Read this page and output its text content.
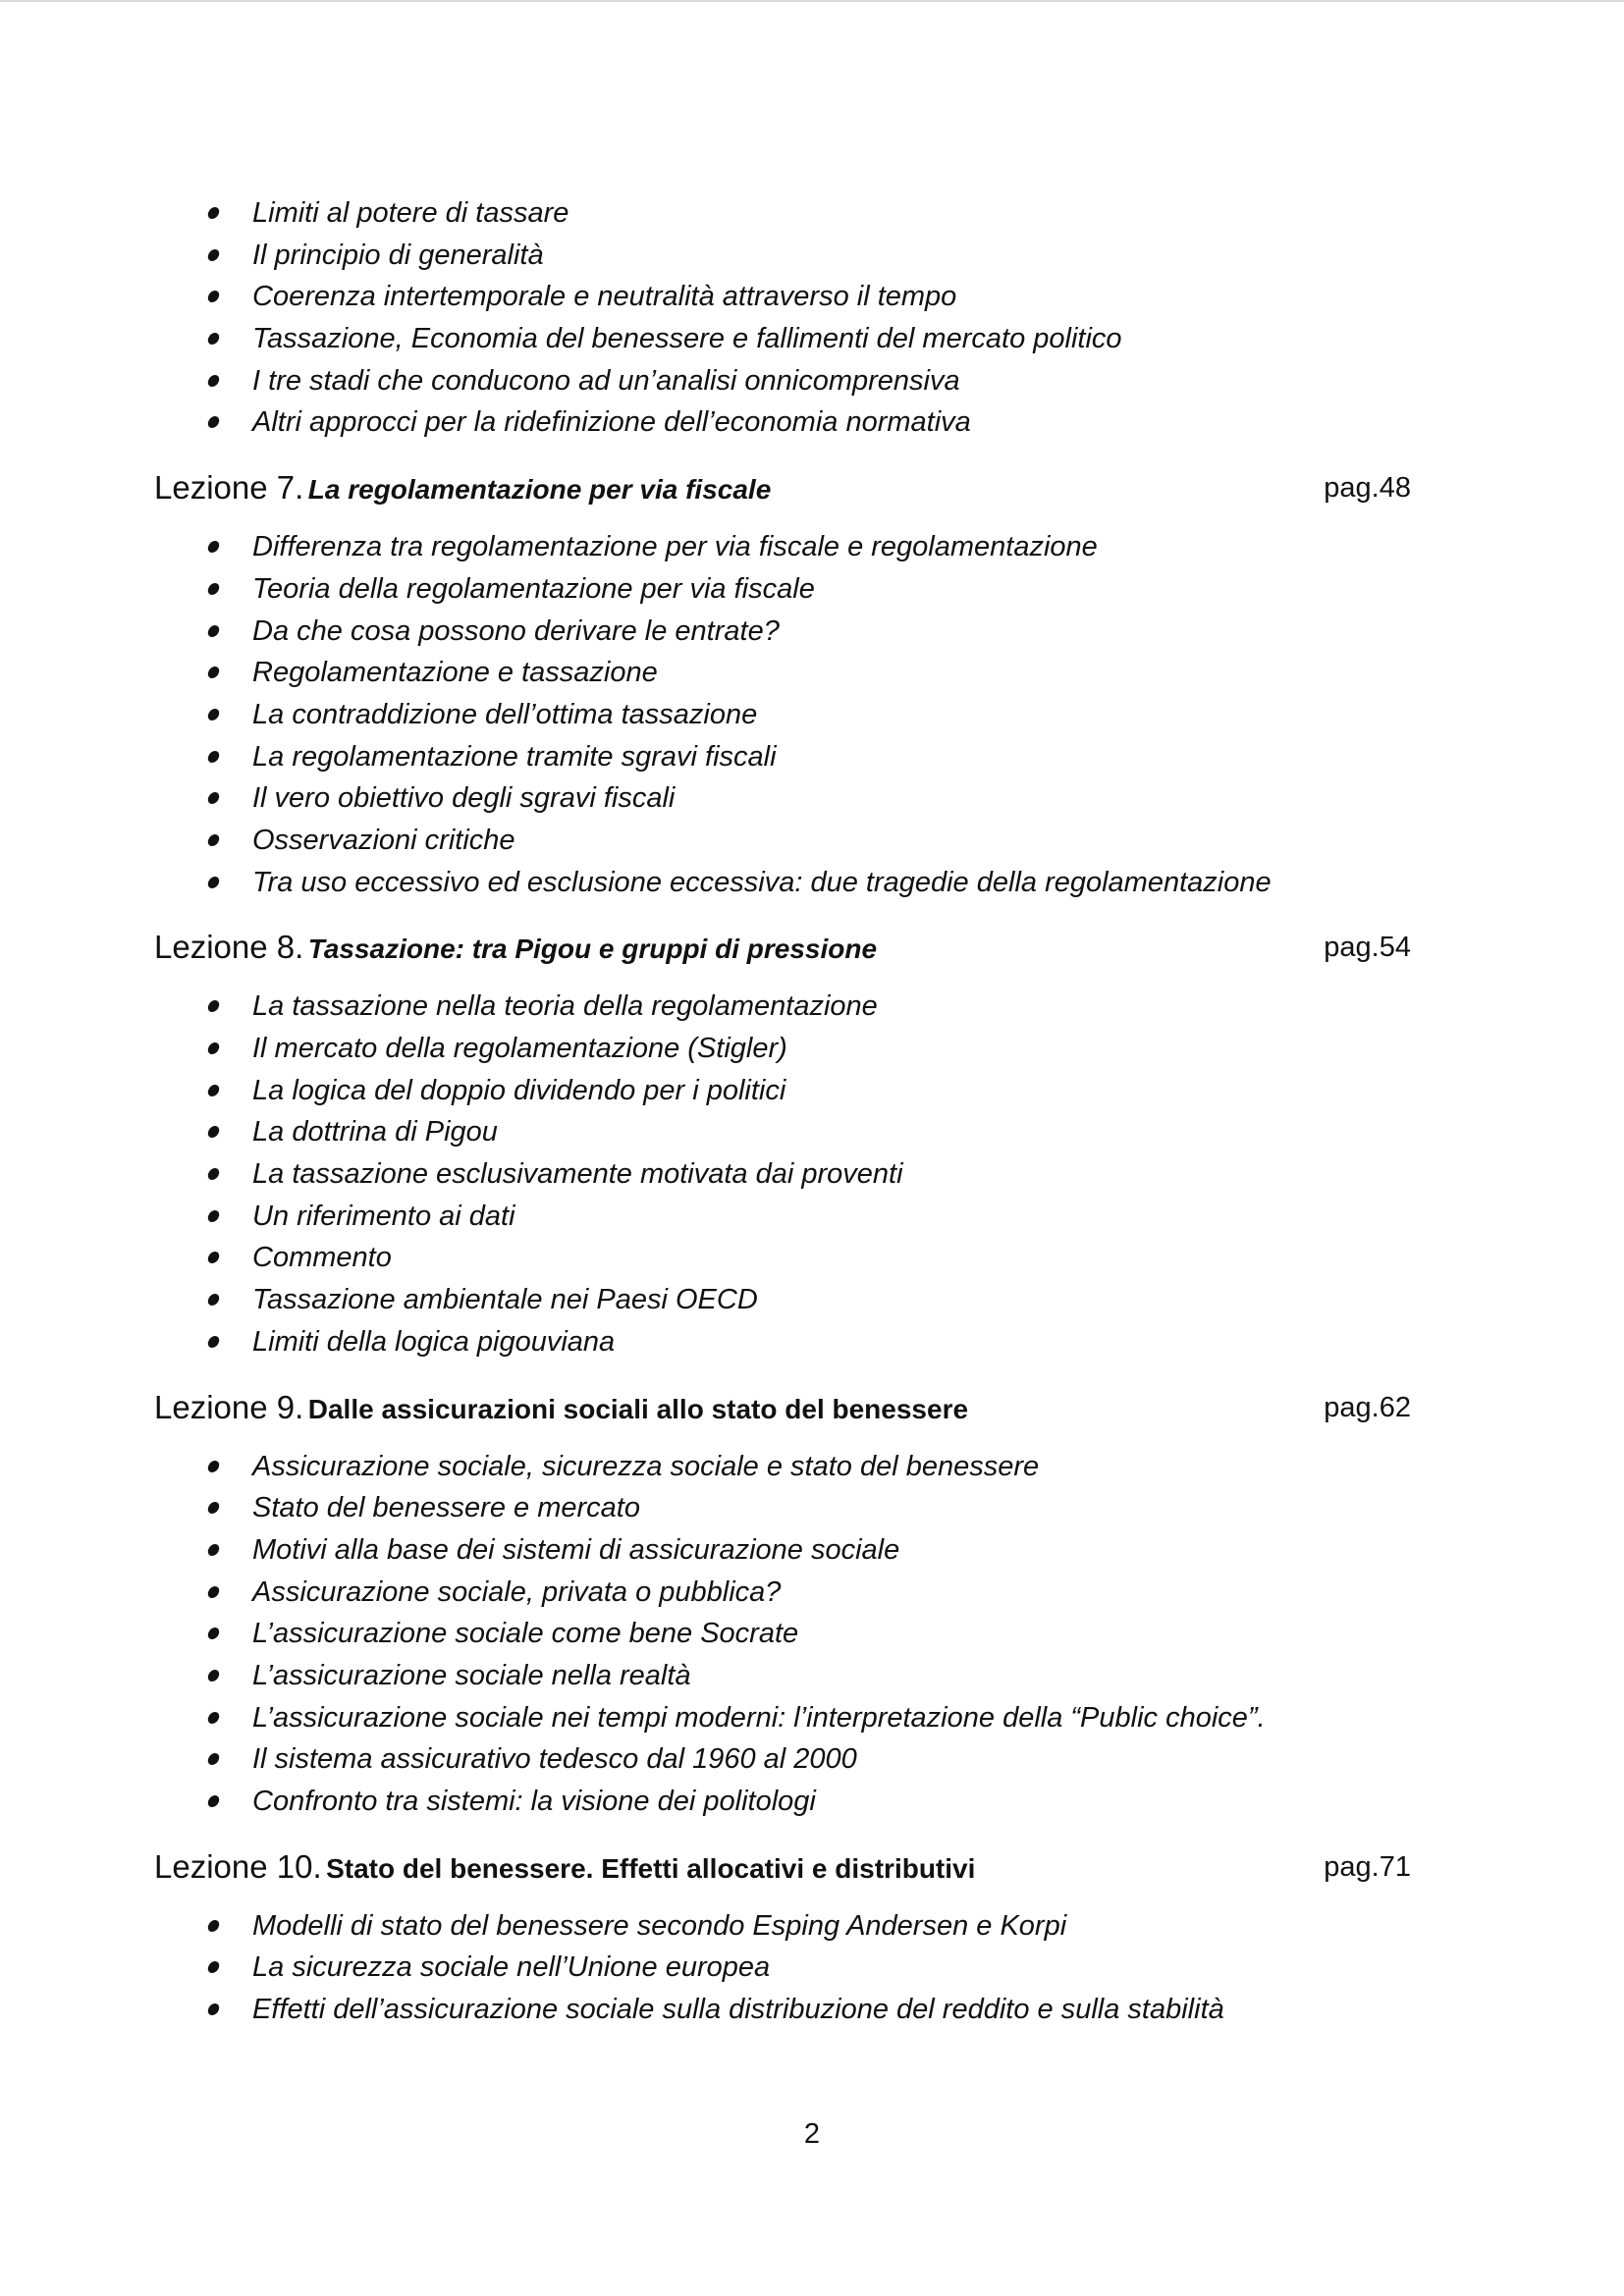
Limiti al potere di tassare
Il principio di generalità
Coerenza intertemporale e neutralità attraverso il tempo
Tassazione, Economia del benessere e fallimenti del mercato politico
I tre stadi che conducono ad un’analisi onnicomprensiva
Altri approcci per la ridefinizione dell’economia normativa
Lezione 7. La regolamentazione per via fiscale	pag.48
Differenza tra regolamentazione per via fiscale e regolamentazione
Teoria della regolamentazione per via fiscale
Da che cosa possono derivare le entrate?
Regolamentazione e tassazione
La contraddizione dell’ottima tassazione
La regolamentazione tramite sgravi fiscali
Il vero obiettivo degli sgravi fiscali
Osservazioni critiche
Tra uso eccessivo ed esclusione eccessiva: due tragedie della regolamentazione
Lezione 8. Tassazione: tra Pigou e gruppi di pressione	pag.54
La tassazione nella teoria della regolamentazione
Il mercato della regolamentazione (Stigler)
La logica del doppio dividendo per i politici
La dottrina di Pigou
La tassazione esclusivamente motivata dai proventi
Un riferimento ai dati
Commento
Tassazione ambientale nei Paesi OECD
Limiti della logica pigouviana
Lezione 9. Dalle assicurazioni sociali allo stato del benessere	pag.62
Assicurazione sociale, sicurezza sociale e stato del benessere
Stato del benessere e mercato
Motivi alla base dei sistemi di assicurazione sociale
Assicurazione sociale, privata o pubblica?
L’assicurazione sociale come bene Socrate
L’assicurazione sociale nella realtà
L’assicurazione sociale nei tempi moderni: l’interpretazione della “Public choice”.
Il sistema assicurativo tedesco dal 1960 al 2000
Confronto tra sistemi: la visione dei politologi
Lezione 10. Stato del benessere. Effetti allocativi e distributivi	pag.71
Modelli di stato del benessere secondo Esping Andersen e Korpi
La sicurezza sociale nell’Unione europea
Effetti dell’assicurazione sociale sulla distribuzione del reddito e sulla stabilità
2
